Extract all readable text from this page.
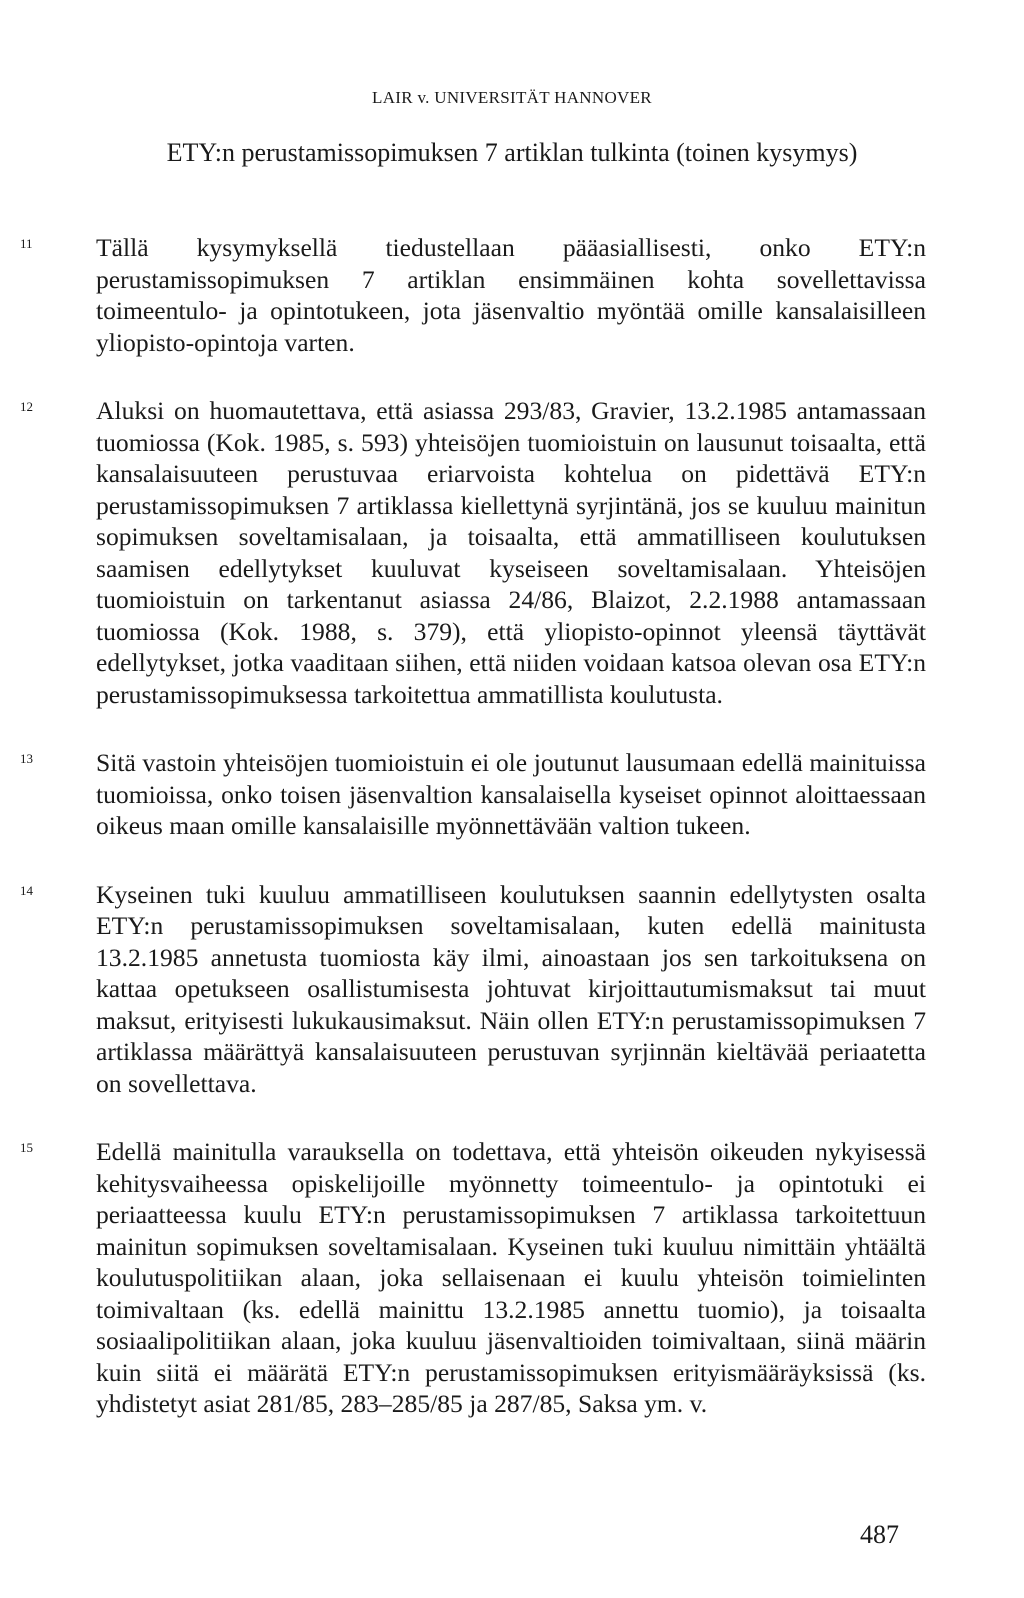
LAIR v. UNIVERSITÄT HANNOVER
ETY:n perustamissopimuksen 7 artiklan tulkinta (toinen kysymys)
11 Tällä kysymyksellä tiedustellaan pääasiallisesti, onko ETY:n perustamissopimuksen 7 artiklan ensimmäinen kohta sovellettavissa toimeentulo- ja opintotukeen, jota jäsenvaltio myöntää omille kansalaisilleen yliopisto-opintoja varten.
12 Aluksi on huomautettava, että asiassa 293/83, Gravier, 13.2.1985 antamassaan tuomiossa (Kok. 1985, s. 593) yhteisöjen tuomioistuin on lausunut toisaalta, että kansalaisuuteen perustuvaa eriarvoista kohtelua on pidettävä ETY:n perustamissopimuksen 7 artiklassa kiellettynä syrjintänä, jos se kuuluu mainitun sopimuksen soveltamisalaan, ja toisaalta, että ammatilliseen koulutuksen saamisen edellytykset kuuluvat kyseiseen soveltamisalaan. Yhteisöjen tuomioistuin on tarkentanut asiassa 24/86, Blaizot, 2.2.1988 antamassaan tuomiossa (Kok. 1988, s. 379), että yliopisto-opinnot yleensä täyttävät edellytykset, jotka vaaditaan siihen, että niiden voidaan katsoa olevan osa ETY:n perustamissopimuksessa tarkoitettua ammatillista koulutusta.
13 Sitä vastoin yhteisöjen tuomioistuin ei ole joutunut lausumaan edellä mainituissa tuomioissa, onko toisen jäsenvaltion kansalaisella kyseiset opinnot aloittaessaan oikeus maan omille kansalaisille myönnettävään valtion tukeen.
14 Kyseinen tuki kuuluu ammatilliseen koulutuksen saannin edellytysten osalta ETY:n perustamissopimuksen soveltamisalaan, kuten edellä mainitusta 13.2.1985 annetusta tuomiosta käy ilmi, ainoastaan jos sen tarkoituksena on kattaa opetukseen osallistumisesta johtuvat kirjoittautumismaksut tai muut maksut, erityisesti lukukausimaksut. Näin ollen ETY:n perustamissopimuksen 7 artiklassa määrättyä kansalaisuuteen perustuvan syrjinnän kieltävää periaatetta on sovellettava.
15 Edellä mainitulla varauksella on todettava, että yhteisön oikeuden nykyisessä kehitysvaiheessa opiskelijoille myönnetty toimeentulo- ja opintotuki ei periaatteessa kuulu ETY:n perustamissopimuksen 7 artiklassa tarkoitettuun mainitun sopimuksen soveltamisalaan. Kyseinen tuki kuuluu nimittäin yhtäältä koulutuspolitiikan alaan, joka sellaisenaan ei kuulu yhteisön toimielinten toimivaltaan (ks. edellä mainittu 13.2.1985 annettu tuomio), ja toisaalta sosiaalipolitiikan alaan, joka kuuluu jäsenvaltioiden toimivaltaan, siinä määrin kuin siitä ei määrätä ETY:n perustamissopimuksen erityismääräyksissä (ks. yhdistetyt asiat 281/85, 283–285/85 ja 287/85, Saksa ym. v.
487
